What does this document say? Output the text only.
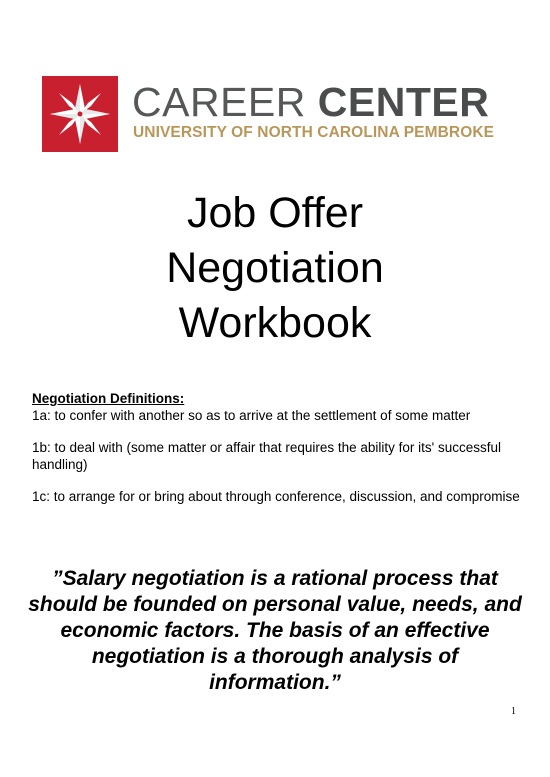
CAREER CENTER
UNIVERSITY OF NORTH CAROLINA PEMBROKE
Job Offer
Negotiation
Workbook

Negotiation Definitions:

1a: to confer with another so as to arrive at the settlement of some matter

1b: to deal with (some matter or affair that requires the ability for its' successful handling)

1c: to arrange for or bring about through conference, discussion, and compromise

”Salary negotiation is a rational process that should be founded on personal value, needs, and economic factors. The basis of an effective negotiation is a thorough analysis of information.”

1
